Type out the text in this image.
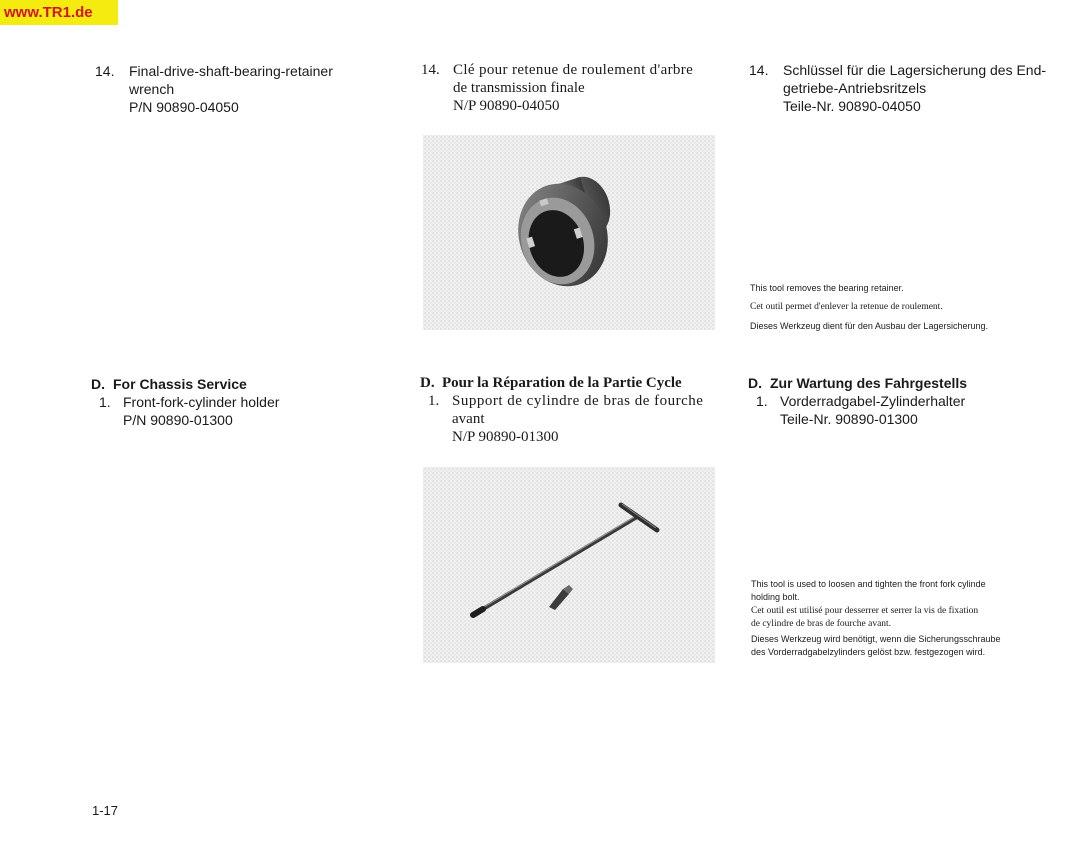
www.TR1.de
14.	Final-drive-shaft-bearing-retainer
wrench
P/N 90890-04050
14. Clé pour retenue de roulement d'arbre
de transmission finale
N/P 90890-04050
14.	Schlüssel für die Lagersicherung des End-
getriebe-Antriebsritzels
Teile-Nr. 90890-04050

This tool removes the bearing retainer.

Cet outil permet d'enlever la retenue de roulement.

Dieses Werkzeug dient für den Ausbau der Lagersicherung.

D. For Chassis Service
1. Front-fork-cylinder holder
P/N 90890-01300
D. Pour la Réparation de la Partie Cycle
1. Support de cylindre de bras de fourche
avant
N/P 90890-01300
D. Zur Wartung des Fahrgestells
1. Vorderradgabel-Zylinderhalter
Teile-Nr. 90890-01300

This tool is used to loosen and tighten the front fork cylinde

holding bolt.

Cet outil est utilisé pour desserrer et serrer la vis de fixation

de cylindre de bras de fourche avant.

Dieses Werkzeug wird benötigt, wenn die Sicherungsschraube

des Vorderradgabelzylinders gelöst bzw. festgezogen wird.

1-17
